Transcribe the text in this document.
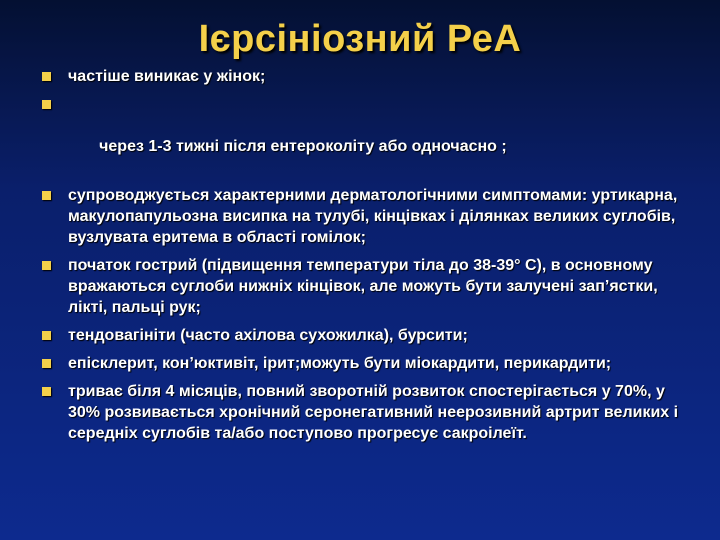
Ієрсініозний РеА
частіше виникає у жінок;

через 1-3 тижні після ентероколіту або одночасно ;

супроводжується характерними дерматологічними симптомами: уртикарна, макулопапульозна висипка на тулубі, кінцівках і ділянках великих суглобів, вузлувата еритема в області гомілок;
початок гострий (підвищення температури тіла до 38-39° С), в основному вражаються суглоби нижніх кінцівок, але можуть бути залучені зап’ястки, лікті, пальці рук;
тендовагініти (часто ахілова сухожилка), бурсити;
епісклерит, кон’юктивіт, ірит;можуть бути міокардити, перикардити;
триває біля 4 місяців, повний зворотній розвиток спостерігається у 70%, у 30% розвивається хронічний серонегативний неерозивний артрит великих і середніх суглобів та/або поступово прогресує сакроілеїт.
